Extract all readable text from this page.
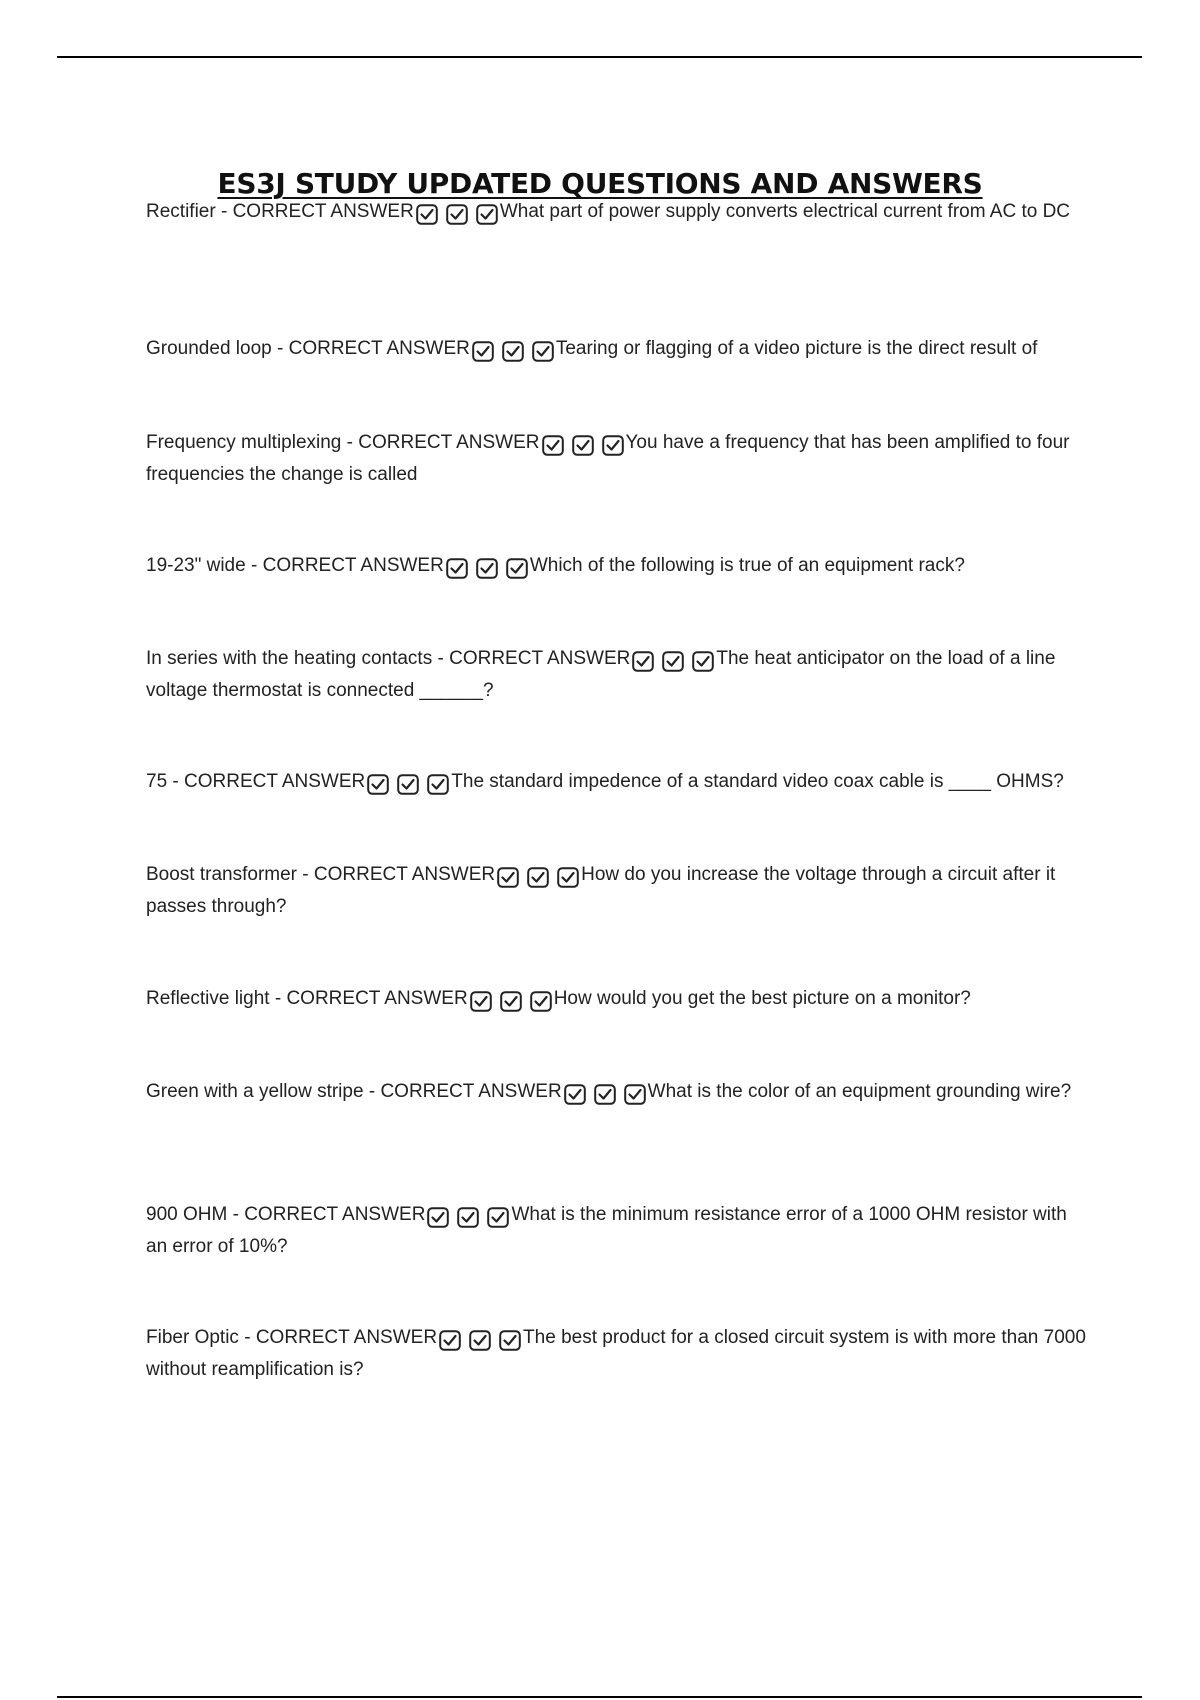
ES3J STUDY UPDATED QUESTIONS AND ANSWERS

Rectifier - CORRECT ANSWER	What part of power supply converts electrical current from AC to DC

Grounded loop - CORRECT ANSWER	Tearing or flagging of a video picture is the direct result of

Frequency multiplexing - CORRECT ANSWER	You have a frequency that has been amplified to four frequencies the change is called

19-23" wide - CORRECT ANSWER	Which of the following is true of an equipment rack?

In series with the heating contacts - CORRECT ANSWER	The heat anticipator on the load of a line voltage thermostat is connected ______?

75 - CORRECT ANSWER	The standard impedence of a standard video coax cable is ____ OHMS?

Boost transformer - CORRECT ANSWER	How do you increase the voltage through a circuit after it passes through?

Reflective light - CORRECT ANSWER	How would you get the best picture on a monitor?

Green with a yellow stripe - CORRECT ANSWER	What is the color of an equipment grounding wire?

900 OHM - CORRECT ANSWER	What is the minimum resistance error of a 1000 OHM resistor with an error of 10%?

Fiber Optic - CORRECT ANSWER	The best product for a closed circuit system is with more than 7000 without reamplification is?
